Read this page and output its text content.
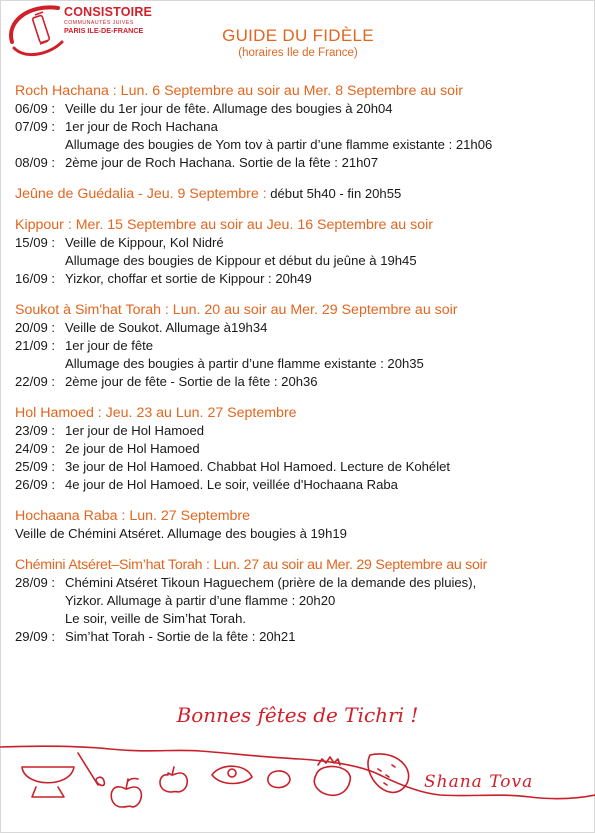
CONSISTOIRE
COMMUNAUTÉS JUIVES
PARIS ILE-DE-FRANCE	GUIDE DU FIDÈLE
(horaires Ile de France)
Roch Hachana : Lun. 6 Septembre au soir au Mer. 8 Septembre au soir
06/09 : Veille du 1er jour de fête. Allumage des bougies à 20h04
07/09 : 1er jour de Roch Hachana
Allumage des bougies de Yom tov à partir d’une flamme existante : 21h06
08/09 : 2ème jour de Roch Hachana. Sortie de la fête : 21h07
Jeûne de Guédalia - Jeu. 9 Septembre : début 5h40 - fin 20h55
Kippour : Mer. 15 Septembre au soir au Jeu. 16 Septembre au soir
15/09 : Veille de Kippour, Kol Nidré
Allumage des bougies de Kippour et début du jeûne à 19h45
16/09 : Yizkor, choffar et sortie de Kippour : 20h49
Soukot à Sim'hat Torah : Lun. 20 au soir au Mer. 29 Septembre au soir
20/09 : Veille de Soukot. Allumage à19h34
21/09 : 1er jour de fête
Allumage des bougies à partir d’une flamme existante : 20h35
22/09 : 2ème jour de fête - Sortie de la fête : 20h36
Hol Hamoed : Jeu. 23 au Lun. 27 Septembre
23/09 : 1er jour de Hol Hamoed
24/09 : 2e jour de Hol Hamoed
25/09 : 3e jour de Hol Hamoed. Chabbat Hol Hamoed. Lecture de Kohélet
26/09 : 4e jour de Hol Hamoed. Le soir, veillée d'Hochaana Raba
Hochaana Raba : Lun. 27 Septembre
Veille de Chémini Atséret. Allumage des bougies à 19h19
Chémini Atséret–Sim’hat Torah : Lun. 27 au soir au Mer. 29 Septembre au soir
28/09 : Chémini Atséret Tikoun Haguechem (prière de la demande des pluies),
Yizkor. Allumage à partir d’une flamme : 20h20
Le soir, veille de Sim’hat Torah.
29/09 : Sim’hat Torah - Sortie de la fête : 20h21
Bonnes fêtes de Tichri !
Shana Tova
